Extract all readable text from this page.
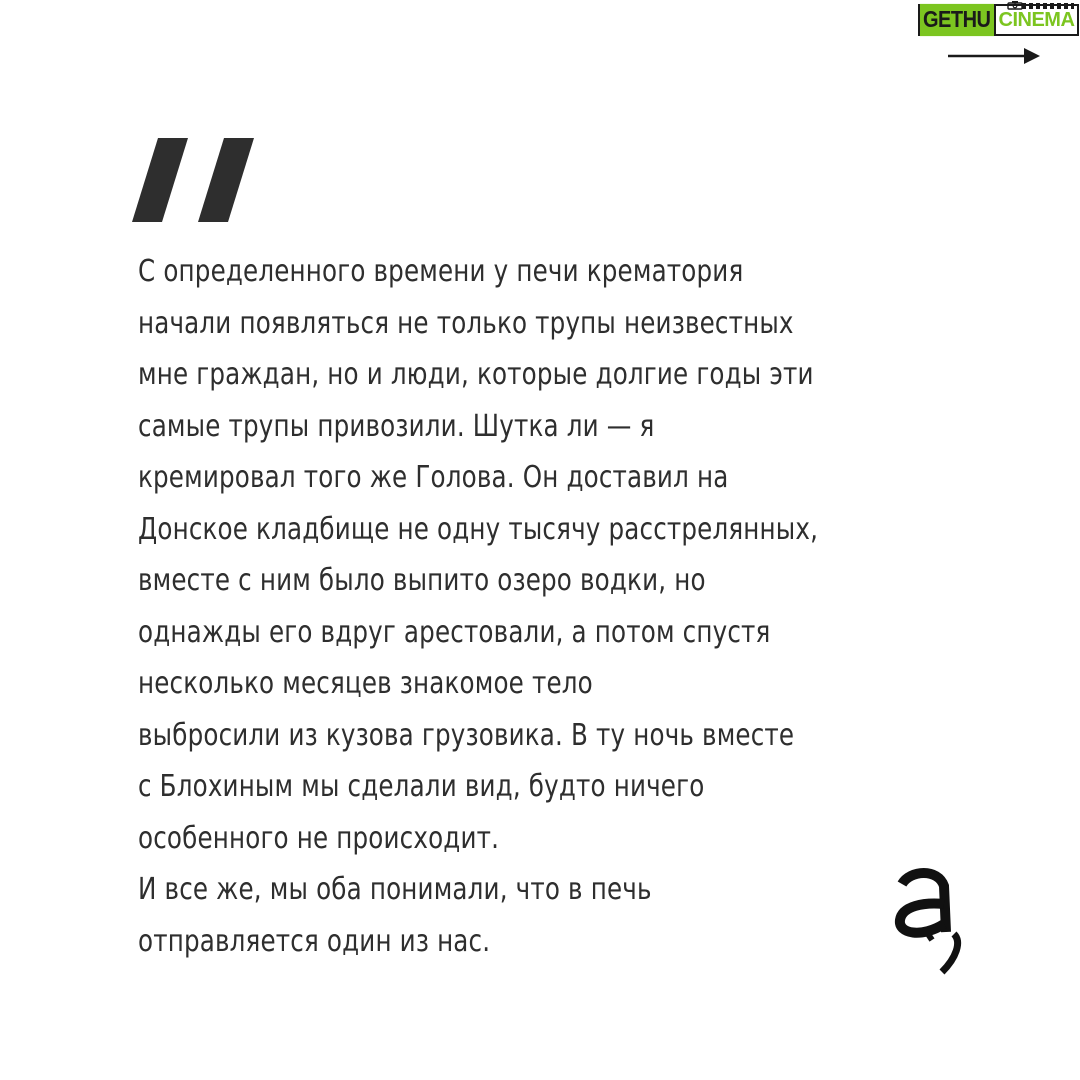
GETHU CINEMA
С определенного времени у печи крематория
начали появляться не только трупы неизвестных
мне граждан, но и люди, которые долгие годы эти
самые трупы привозили. Шутка ли — я
кремировал того же Голова. Он доставил на
Донское кладбище не одну тысячу расстрелянных,
вместе с ним было выпито озеро водки, но
однажды его вдруг арестовали, а потом спустя
несколько месяцев знакомое тело
выбросили из кузова грузовика. В ту ночь вместе
с Блохиным мы сделали вид, будто ничего
особенного не происходит.
И все же, мы оба понимали, что в печь
отправляется один из нас.
